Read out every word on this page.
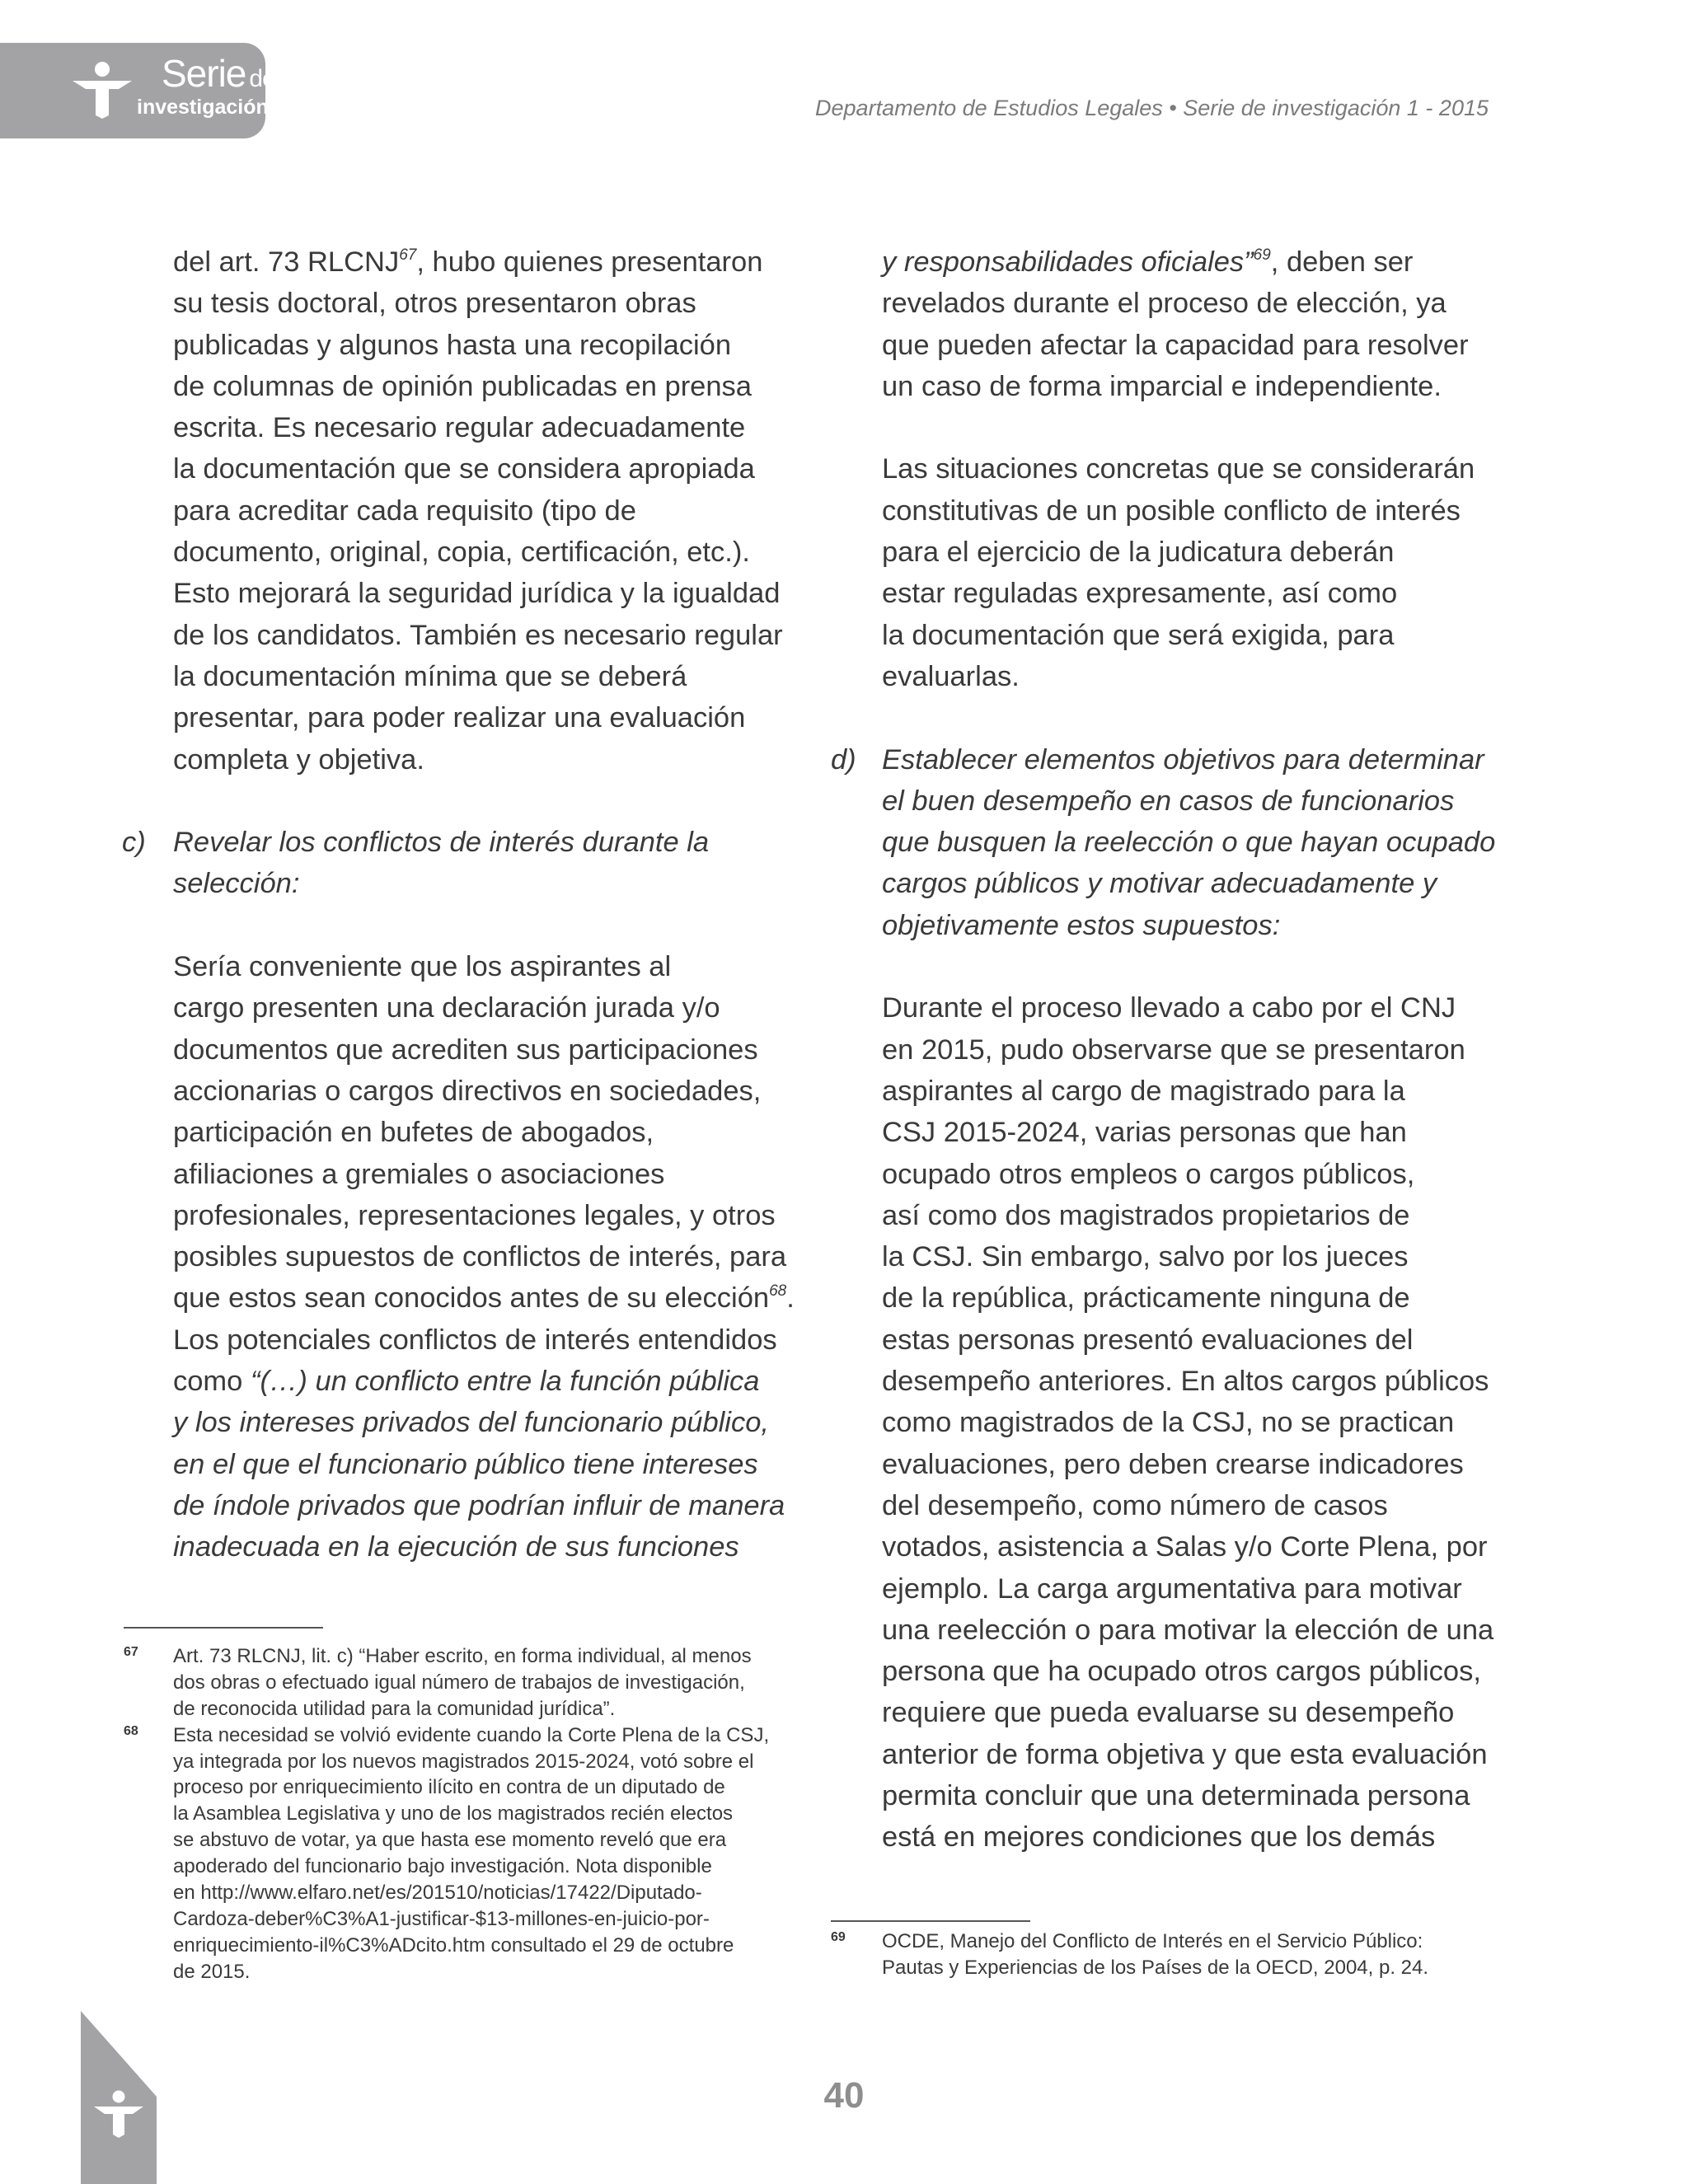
Serie de
investigación	Departamento de Estudios Legales • Serie de investigación 1 - 2015
del art. 73 RLCNJ$^{67}$, hubo quienes presentaron
su tesis doctoral, otros presentaron obras
publicadas y algunos hasta una recopilación
de columnas de opinión publicadas en prensa
escrita. Es necesario regular adecuadamente
la documentación que se considera apropiada
para acreditar cada requisito (tipo de
documento, original, copia, certificación, etc.).
Esto mejorará la seguridad jurídica y la igualdad
de los candidatos. También es necesario regular
la documentación mínima que se deberá
presentar, para poder realizar una evaluación
completa y objetiva.
Revelar los conflictos de interés durante la
selección:
Sería conveniente que los aspirantes al
cargo presenten una declaración jurada y/o
documentos que acrediten sus participaciones
accionarias o cargos directivos en sociedades,
participación en bufetes de abogados,
afiliaciones a gremiales o asociaciones
profesionales, representaciones legales, y otros
posibles supuestos de conflictos de interés, para
que estos sean conocidos antes de su elección$^{68}$.
Los potenciales conflictos de interés entendidos
como “(…) un conflicto entre la función pública
y los intereses privados del funcionario público,
en el que el funcionario público tiene intereses
de índole privados que podrían influir de manera
inadecuada en la ejecución de sus funciones
c)
y responsabilidades oficiales”$^{69}$, deben ser
revelados durante el proceso de elección, ya
que pueden afectar la capacidad para resolver
un caso de forma imparcial e independiente.
Las situaciones concretas que se considerarán
constitutivas de un posible conflicto de interés
para el ejercicio de la judicatura deberán
estar reguladas expresamente, así como
la documentación que será exigida, para
evaluarlas.
Establecer elementos objetivos para determinar
el buen desempeño en casos de funcionarios
que busquen la reelección o que hayan ocupado
cargos públicos y motivar adecuadamente y
objetivamente estos supuestos:
Durante el proceso llevado a cabo por el CNJ
en 2015, pudo observarse que se presentaron
aspirantes al cargo de magistrado para la
CSJ 2015-2024, varias personas que han
ocupado otros empleos o cargos públicos,
así como dos magistrados propietarios de
la CSJ. Sin embargo, salvo por los jueces
de la república, prácticamente ninguna de
estas personas presentó evaluaciones del
desempeño anteriores. En altos cargos públicos
como magistrados de la CSJ, no se practican
evaluaciones, pero deben crearse indicadores
del desempeño, como número de casos
votados, asistencia a Salas y/o Corte Plena, por
ejemplo. La carga argumentativa para motivar
una reelección o para motivar la elección de una
persona que ha ocupado otros cargos públicos,
requiere que pueda evaluarse su desempeño
anterior de forma objetiva y que esta evaluación
permita concluir que una determinada persona
está en mejores condiciones que los demás
d)
67 Art. 73 RLCNJ, lit. c) “Haber escrito, en forma individual, al menos
dos obras o efectuado igual número de trabajos de investigación,
de reconocida utilidad para la comunidad jurídica”.
68 Esta necesidad se volvió evidente cuando la Corte Plena de la CSJ,
ya integrada por los nuevos magistrados 2015-2024, votó sobre el
proceso por enriquecimiento ilícito en contra de un diputado de
la Asamblea Legislativa y uno de los magistrados recién electos
se abstuvo de votar, ya que hasta ese momento reveló que era
apoderado del funcionario bajo investigación. Nota disponible
en http://www.elfaro.net/es/201510/noticias/17422/Diputado-
Cardoza-deber%C3%A1-justificar-$13-millones-en-juicio-por-
enriquecimiento-il%C3%ADcito.htm consultado el 29 de octubre
de 2015.
69 OCDE, Manejo del Conflicto de Interés en el Servicio Público:
Pautas y Experiencias de los Países de la OECD, 2004, p. 24.
40
